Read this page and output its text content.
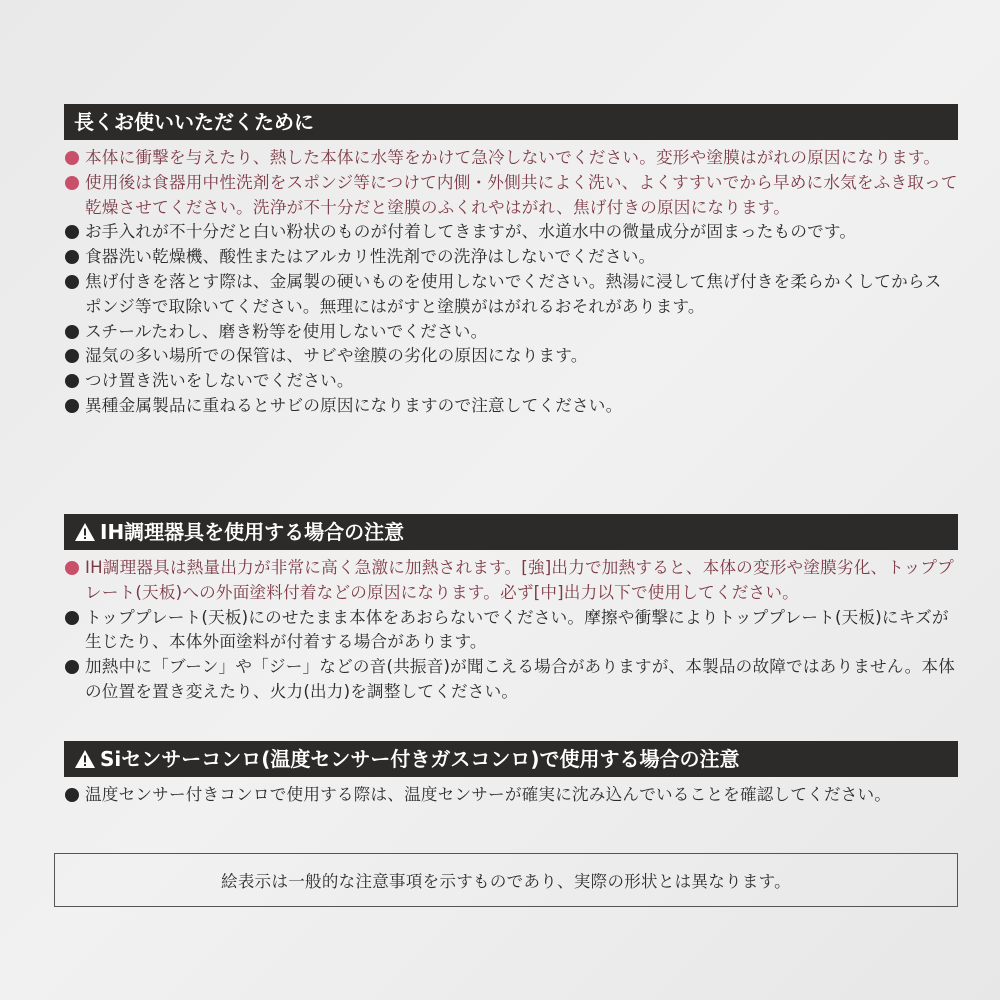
長くお使いいただくために
本体に衝撃を与えたり、熱した本体に水等をかけて急冷しないでください。変形や塗膜はがれの原因になります。
使用後は食器用中性洗剤をスポンジ等につけて内側・外側共によく洗い、よくすすいでから早めに水気をふき取って乾燥させてください。洗浄が不十分だと塗膜のふくれやはがれ、焦げ付きの原因になります。
お手入れが不十分だと白い粉状のものが付着してきますが、水道水中の微量成分が固まったものです。
食器洗い乾燥機、酸性またはアルカリ性洗剤での洗浄はしないでください。
焦げ付きを落とす際は、金属製の硬いものを使用しないでください。熱湯に浸して焦げ付きを柔らかくしてからスポンジ等で取除いてください。無理にはがすと塗膜がはがれるおそれがあります。
スチールたわし、磨き粉等を使用しないでください。
湿気の多い場所での保管は、サビや塗膜の劣化の原因になります。
つけ置き洗いをしないでください。
異種金属製品に重ねるとサビの原因になりますので注意してください。
IH調理器具を使用する場合の注意
IH調理器具は熱量出力が非常に高く急激に加熱されます。[強]出力で加熱すると、本体の変形や塗膜劣化、トッププレート(天板)への外面塗料付着などの原因になります。必ず[中]出力以下で使用してください。
トッププレート(天板)にのせたまま本体をあおらないでください。摩擦や衝撃によりトッププレート(天板)にキズが生じたり、本体外面塗料が付着する場合があります。
加熱中に「ブーン」や「ジー」などの音(共振音)が聞こえる場合がありますが、本製品の故障ではありません。本体の位置を置き変えたり、火力(出力)を調整してください。
Siセンサーコンロ(温度センサー付きガスコンロ)で使用する場合の注意
温度センサー付きコンロで使用する際は、温度センサーが確実に沈み込んでいることを確認してください。
絵表示は一般的な注意事項を示すものであり、実際の形状とは異なります。
